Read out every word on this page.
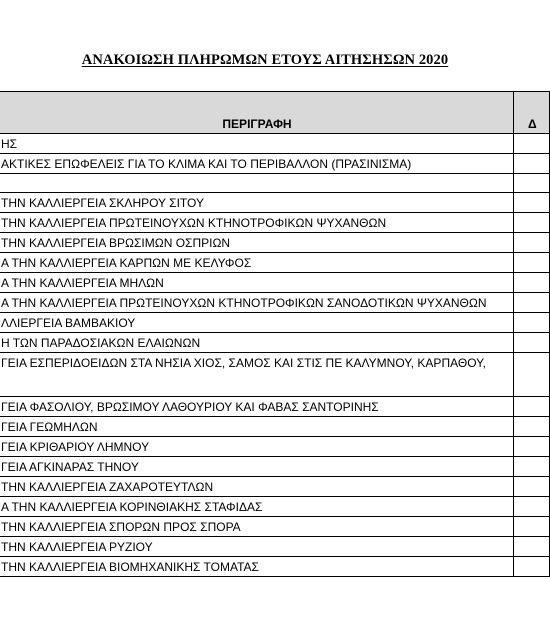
ΑΝΑΚΟΙΩΣΗ ΠΛΗΡΩΜΩΝ ΕΤΟΥΣ ΑΙΤΗΣΗΣΩΝ 2020
ΠΕΡΙΓΡΑΦΗ	Δ
ΗΣ	
ΑΚΤΙΚΕΣ ΕΠΩΦΕΛΕΙΣ ΓΙΑ ΤΟ ΚΛΙΜΑ ΚΑΙ ΤΟ ΠΕΡΙΒΑΛΛΟΝ (ΠΡΑΣΙΝΙΣΜΑ)	

ΤΗΝ ΚΑΛΛΙΕΡΓΕΙΑ ΣΚΛΗΡΟΥ ΣΙΤΟΥ	
ΤΗΝ ΚΑΛΛΙΕΡΓΕΙΑ ΠΡΩΤΕΙΝΟΥΧΩΝ ΚΤΗΝΟΤΡΟΦΙΚΩΝ ΨΥΧΑΝΘΩΝ	
ΤΗΝ ΚΑΛΛΙΕΡΓΕΙΑ ΒΡΩΣΙΜΩΝ ΟΣΠΡΙΩΝ	
Α ΤΗΝ ΚΑΛΛΙΕΡΓΕΙΑ ΚΑΡΠΩΝ ΜΕ ΚΕΛΥΦΟΣ	
Α ΤΗΝ ΚΑΛΛΙΕΡΓΕΙΑ ΜΗΛΩΝ	
Α ΤΗΝ ΚΑΛΛΙΕΡΓΕΙΑ ΠΡΩΤΕΙΝΟΥΧΩΝ ΚΤΗΝΟΤΡΟΦΙΚΩΝ ΣΑΝΟΔΟΤΙΚΩΝ ΨΥΧΑΝΘΩΝ	
ΛΛΙΕΡΓΕΙΑ ΒΑΜΒΑΚΙΟΥ	
Η ΤΩΝ ΠΑΡΑΔΟΣΙΑΚΩΝ ΕΛΑΙΩΝΩΝ	
ΓΕΙΑ ΕΣΠΕΡΙΔΟΕΙΔΩΝ ΣΤΑ ΝΗΣΙΑ ΧΙΟΣ, ΣΑΜΟΣ ΚΑΙ ΣΤΙΣ ΠΕ ΚΑΛΥΜΝΟΥ, ΚΑΡΠΑΘΟΥ,	
ΓΕΙΑ ΦΑΣΟΛΙΟΥ, ΒΡΩΣΙΜΟΥ ΛΑΘΟΥΡΙΟΥ ΚΑΙ ΦΑΒΑΣ ΣΑΝΤΟΡΙΝΗΣ	
ΓΕΙΑ ΓΕΩΜΗΛΩΝ	
ΓΕΙΑ ΚΡΙΘΑΡΙΟΥ ΛΗΜΝΟΥ	
ΓΕΙΑ ΑΓΚΙΝΑΡΑΣ ΤΗΝΟΥ	
ΤΗΝ ΚΑΛΛΙΕΡΓΕΙΑ ΖΑΧΑΡΟΤΕΥΤΛΩΝ	
Α ΤΗΝ ΚΑΛΛΙΕΡΓΕΙΑ ΚΟΡΙΝΘΙΑΚΗΣ ΣΤΑΦΙΔΑΣ	
ΤΗΝ ΚΑΛΛΙΕΡΓΕΙΑ ΣΠΟΡΩΝ ΠΡΟΣ ΣΠΟΡΑ	
ΤΗΝ ΚΑΛΛΙΕΡΓΕΙΑ ΡΥΖΙΟΥ	
ΤΗΝ ΚΑΛΛΙΕΡΓΕΙΑ ΒΙΟΜΗΧΑΝΙΚΗΣ ΤΟΜΑΤΑΣ	
